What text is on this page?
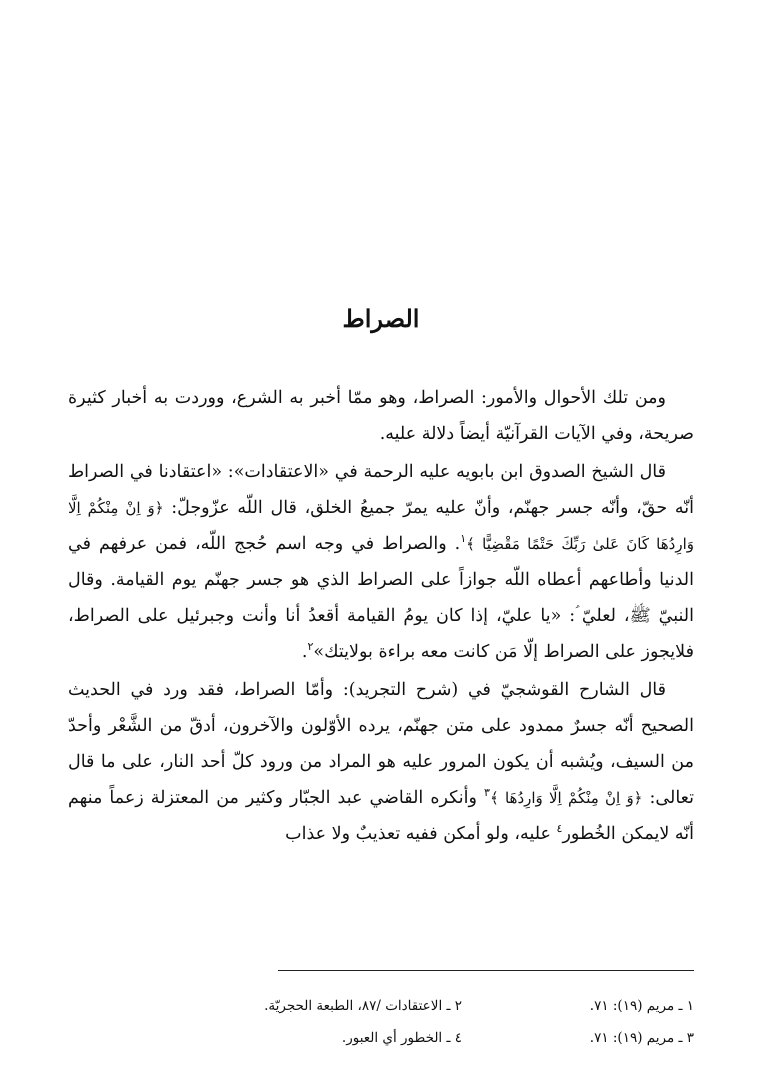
الصراط

ومن تلك الأحوال والأمور: الصراط، وهو ممّا أخبر به الشرع، ووردت به أخبار كثيرة صريحة، وفي الآيات القرآنيّة أيضاً دلالة عليه.

قال الشيخ الصدوق ابن بابويه عليه الرحمة في «الاعتقادات»: «اعتقادنا في الصراط أنّه حقّ، وأنّه جسر جهنّم، وأنّ عليه يمرّ جميعُ الخلق، قال اللّه عزّوجلّ: ﴿وَ اِنْ مِنْكُمْ اِلَّا وَارِدُهَا كَانَ عَلىٰ رَبِّكَ حَتْمًا مَقْضِيًّا ﴾$^١$. والصراط في وجه اسم حُجج اللّه، فمن عرفهم في الدنيا وأطاعهم أعطاه اللّه جوازاً على الصراط الذي هو جسر جهنّم يوم القيامة. وقال النبيّ ﷺ، لعليّ ؑ: «يا عليّ، إذا كان يومُ القيامة أقعدُ أنا وأنت وجبرئيل على الصراط، فلايجوز على الصراط إلّا مَن كانت معه براءة بولايتك»$^٢$.

قال الشارح القوشجيّ في (شرح التجريد): وأمّا الصراط، فقد ورد في الحديث الصحيح أنّه جسرٌ ممدود على متن جهنّم، يرده الأوّلون والآخرون، أدقّ من الشَّعْر وأحدّ من السيف، ويُشبه أن يكون المرور عليه هو المراد من ورود كلّ أحد النار، على ما قال تعالى: ﴿وَ اِنْ مِنْكُمْ اِلَّا وَارِدُهَا ﴾$^٣$ وأنكره القاضي عبد الجبّار وكثير من المعتزلة زعماً منهم أنّه لايمكن الخُطور$^٤$ عليه، ولو أمكن ففيه تعذيبٌ ولا عذاب

١ ـ مريم (١٩): ٧١.
٢ ـ الاعتقادات /٨٧، الطبعة الحجريّة.
٣ ـ مريم (١٩): ٧١.
٤ ـ الخطور أي العبور.
